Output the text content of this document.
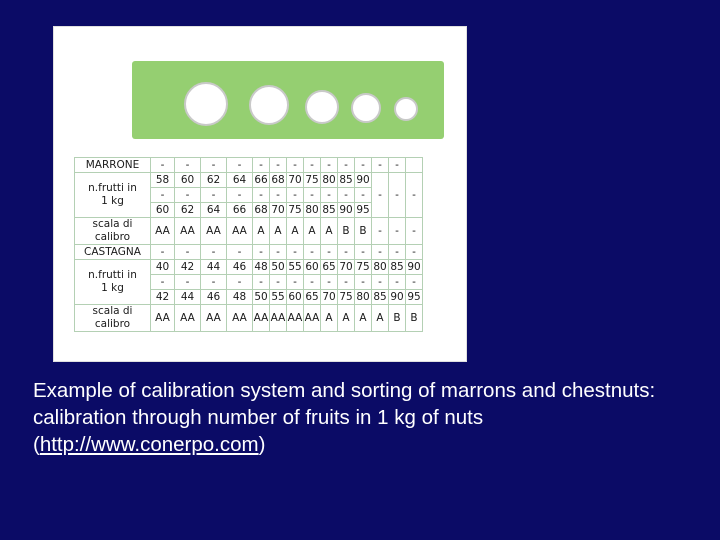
MARRONE	-	-	-	-	-	-	-	-	-	-	-	-	-	
n.frutti in
1 kg	58	60	62	64	66	68	70	75	80	85	90	-	-	-
	-	-	-	-	-	-	-	-	-	-	-			
	60	62	64	66	68	70	75	80	85	90	95			
scala di
calibro	AA	AA	AA	AA	A	A	A	A	A	B	B	-	-	-
CASTAGNA	-	-	-	-	-	-	-	-	-	-	-	-	-	-
n.frutti in
1 kg	40	42	44	46	48	50	55	60	65	70	75	80	85	90
	-	-	-	-	-	-	-	-	-	-	-	-	-	-
	42	44	46	48	50	55	60	65	70	75	80	85	90	95
scala di
calibro	AA	AA	AA	AA	AA	AA	AA	AA	A	A	A	A	B	B
Example of calibration system and sorting of marrons and chestnuts: calibration through number of fruits in 1 kg of nuts (http://www.conerpo.com)
